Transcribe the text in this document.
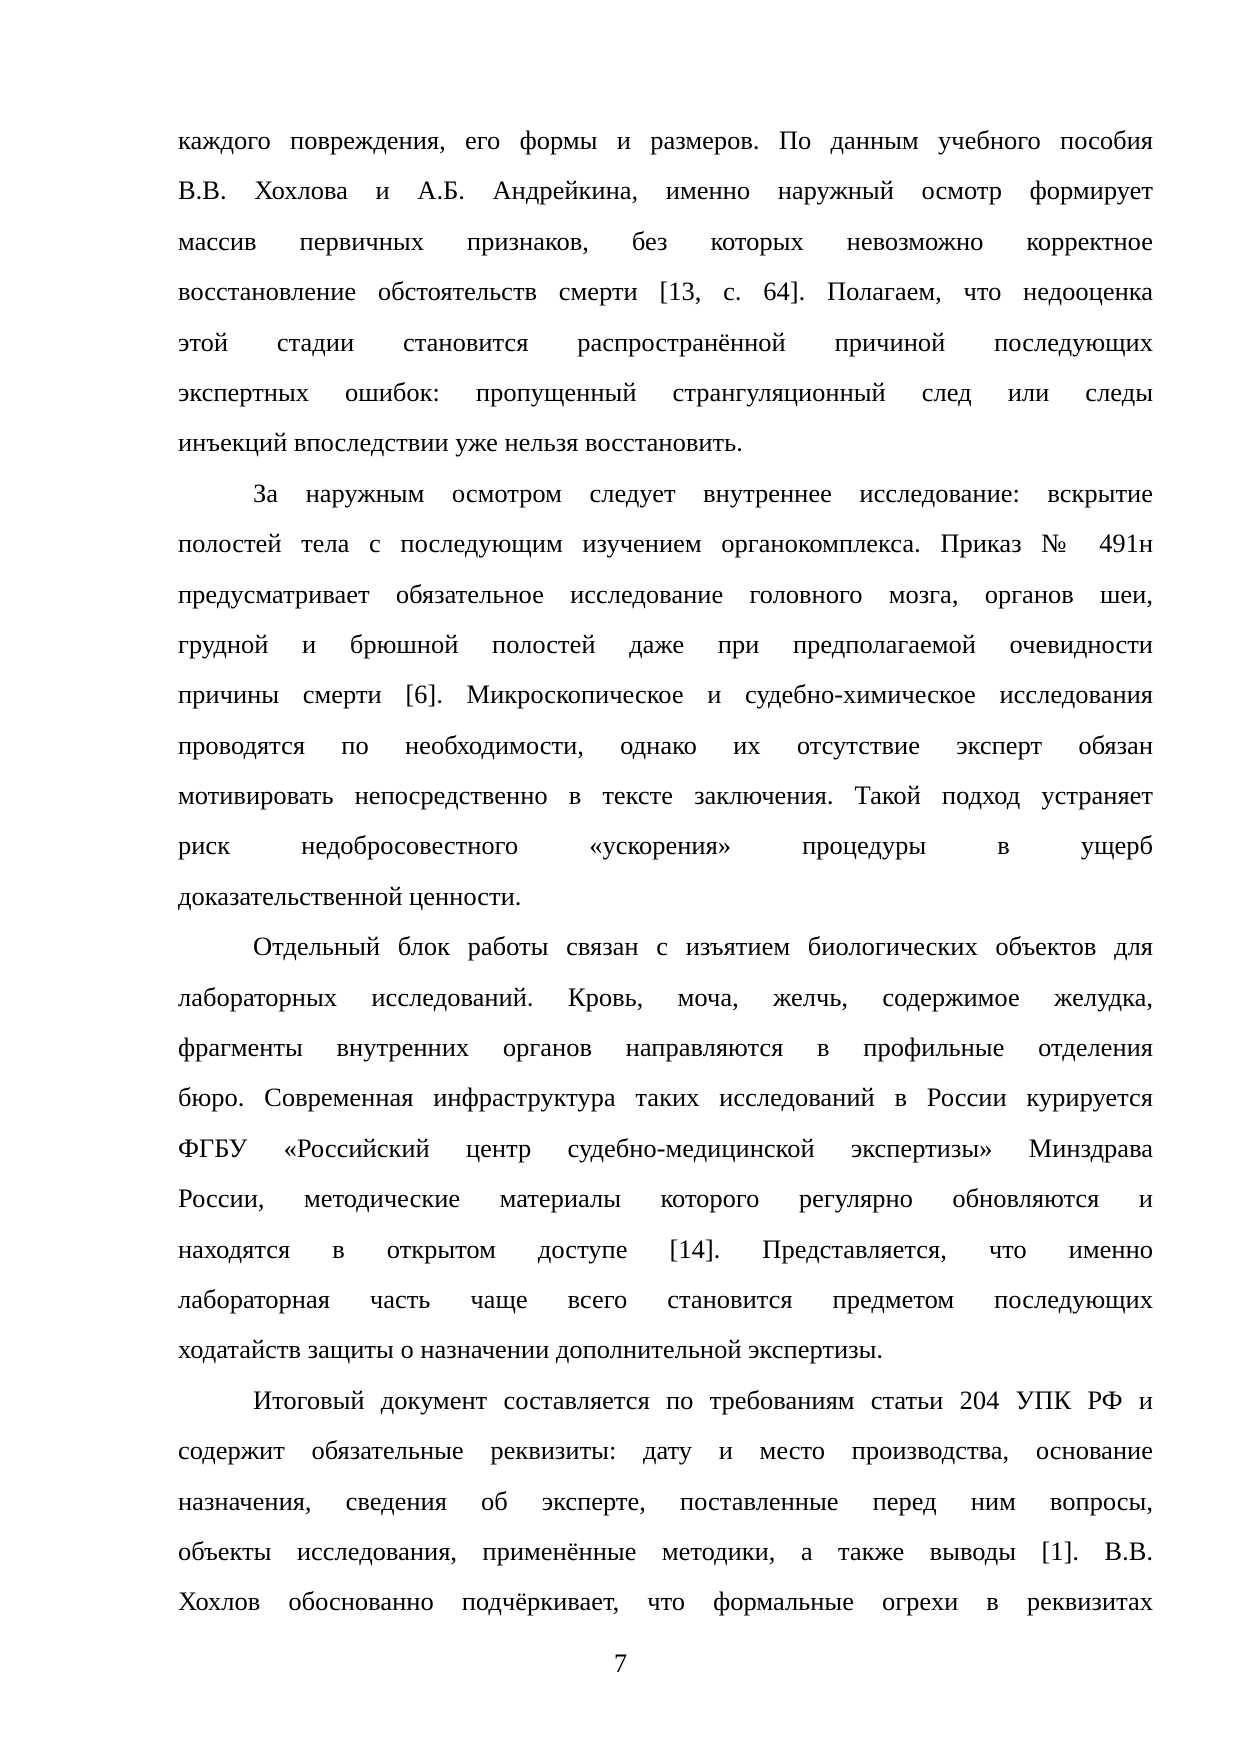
каждого повреждения, его формы и размеров. По данным учебного пособия
В.В. Хохлова и А.Б. Андрейкина, именно наружный осмотр формирует
массив первичных признаков, без которых невозможно корректное
восстановление обстоятельств смерти [13, с. 64]. Полагаем, что недооценка
этой стадии становится распространённой причиной последующих
экспертных ошибок: пропущенный странгуляционный след или следы
инъекций впоследствии уже нельзя восстановить.
За наружным осмотром следует внутреннее исследование: вскрытие
полостей тела с последующим изучением органокомплекса. Приказ № 491н
предусматривает обязательное исследование головного мозга, органов шеи,
грудной и брюшной полостей даже при предполагаемой очевидности
причины смерти [6]. Микроскопическое и судебно-химическое исследования
проводятся по необходимости, однако их отсутствие эксперт обязан
мотивировать непосредственно в тексте заключения. Такой подход устраняет
риск недобросовестного «ускорения» процедуры в ущерб
доказательственной ценности.
Отдельный блок работы связан с изъятием биологических объектов для
лабораторных исследований. Кровь, моча, желчь, содержимое желудка,
фрагменты внутренних органов направляются в профильные отделения
бюро. Современная инфраструктура таких исследований в России курируется
ФГБУ «Российский центр судебно-медицинской экспертизы» Минздрава
России, методические материалы которого регулярно обновляются и
находятся в открытом доступе [14]. Представляется, что именно
лабораторная часть чаще всего становится предметом последующих
ходатайств защиты о назначении дополнительной экспертизы.
Итоговый документ составляется по требованиям статьи 204 УПК РФ и
содержит обязательные реквизиты: дату и место производства, основание
назначения, сведения об эксперте, поставленные перед ним вопросы,
объекты исследования, применённые методики, а также выводы [1]. В.В.
Хохлов обоснованно подчёркивает, что формальные огрехи в реквизитах
7
